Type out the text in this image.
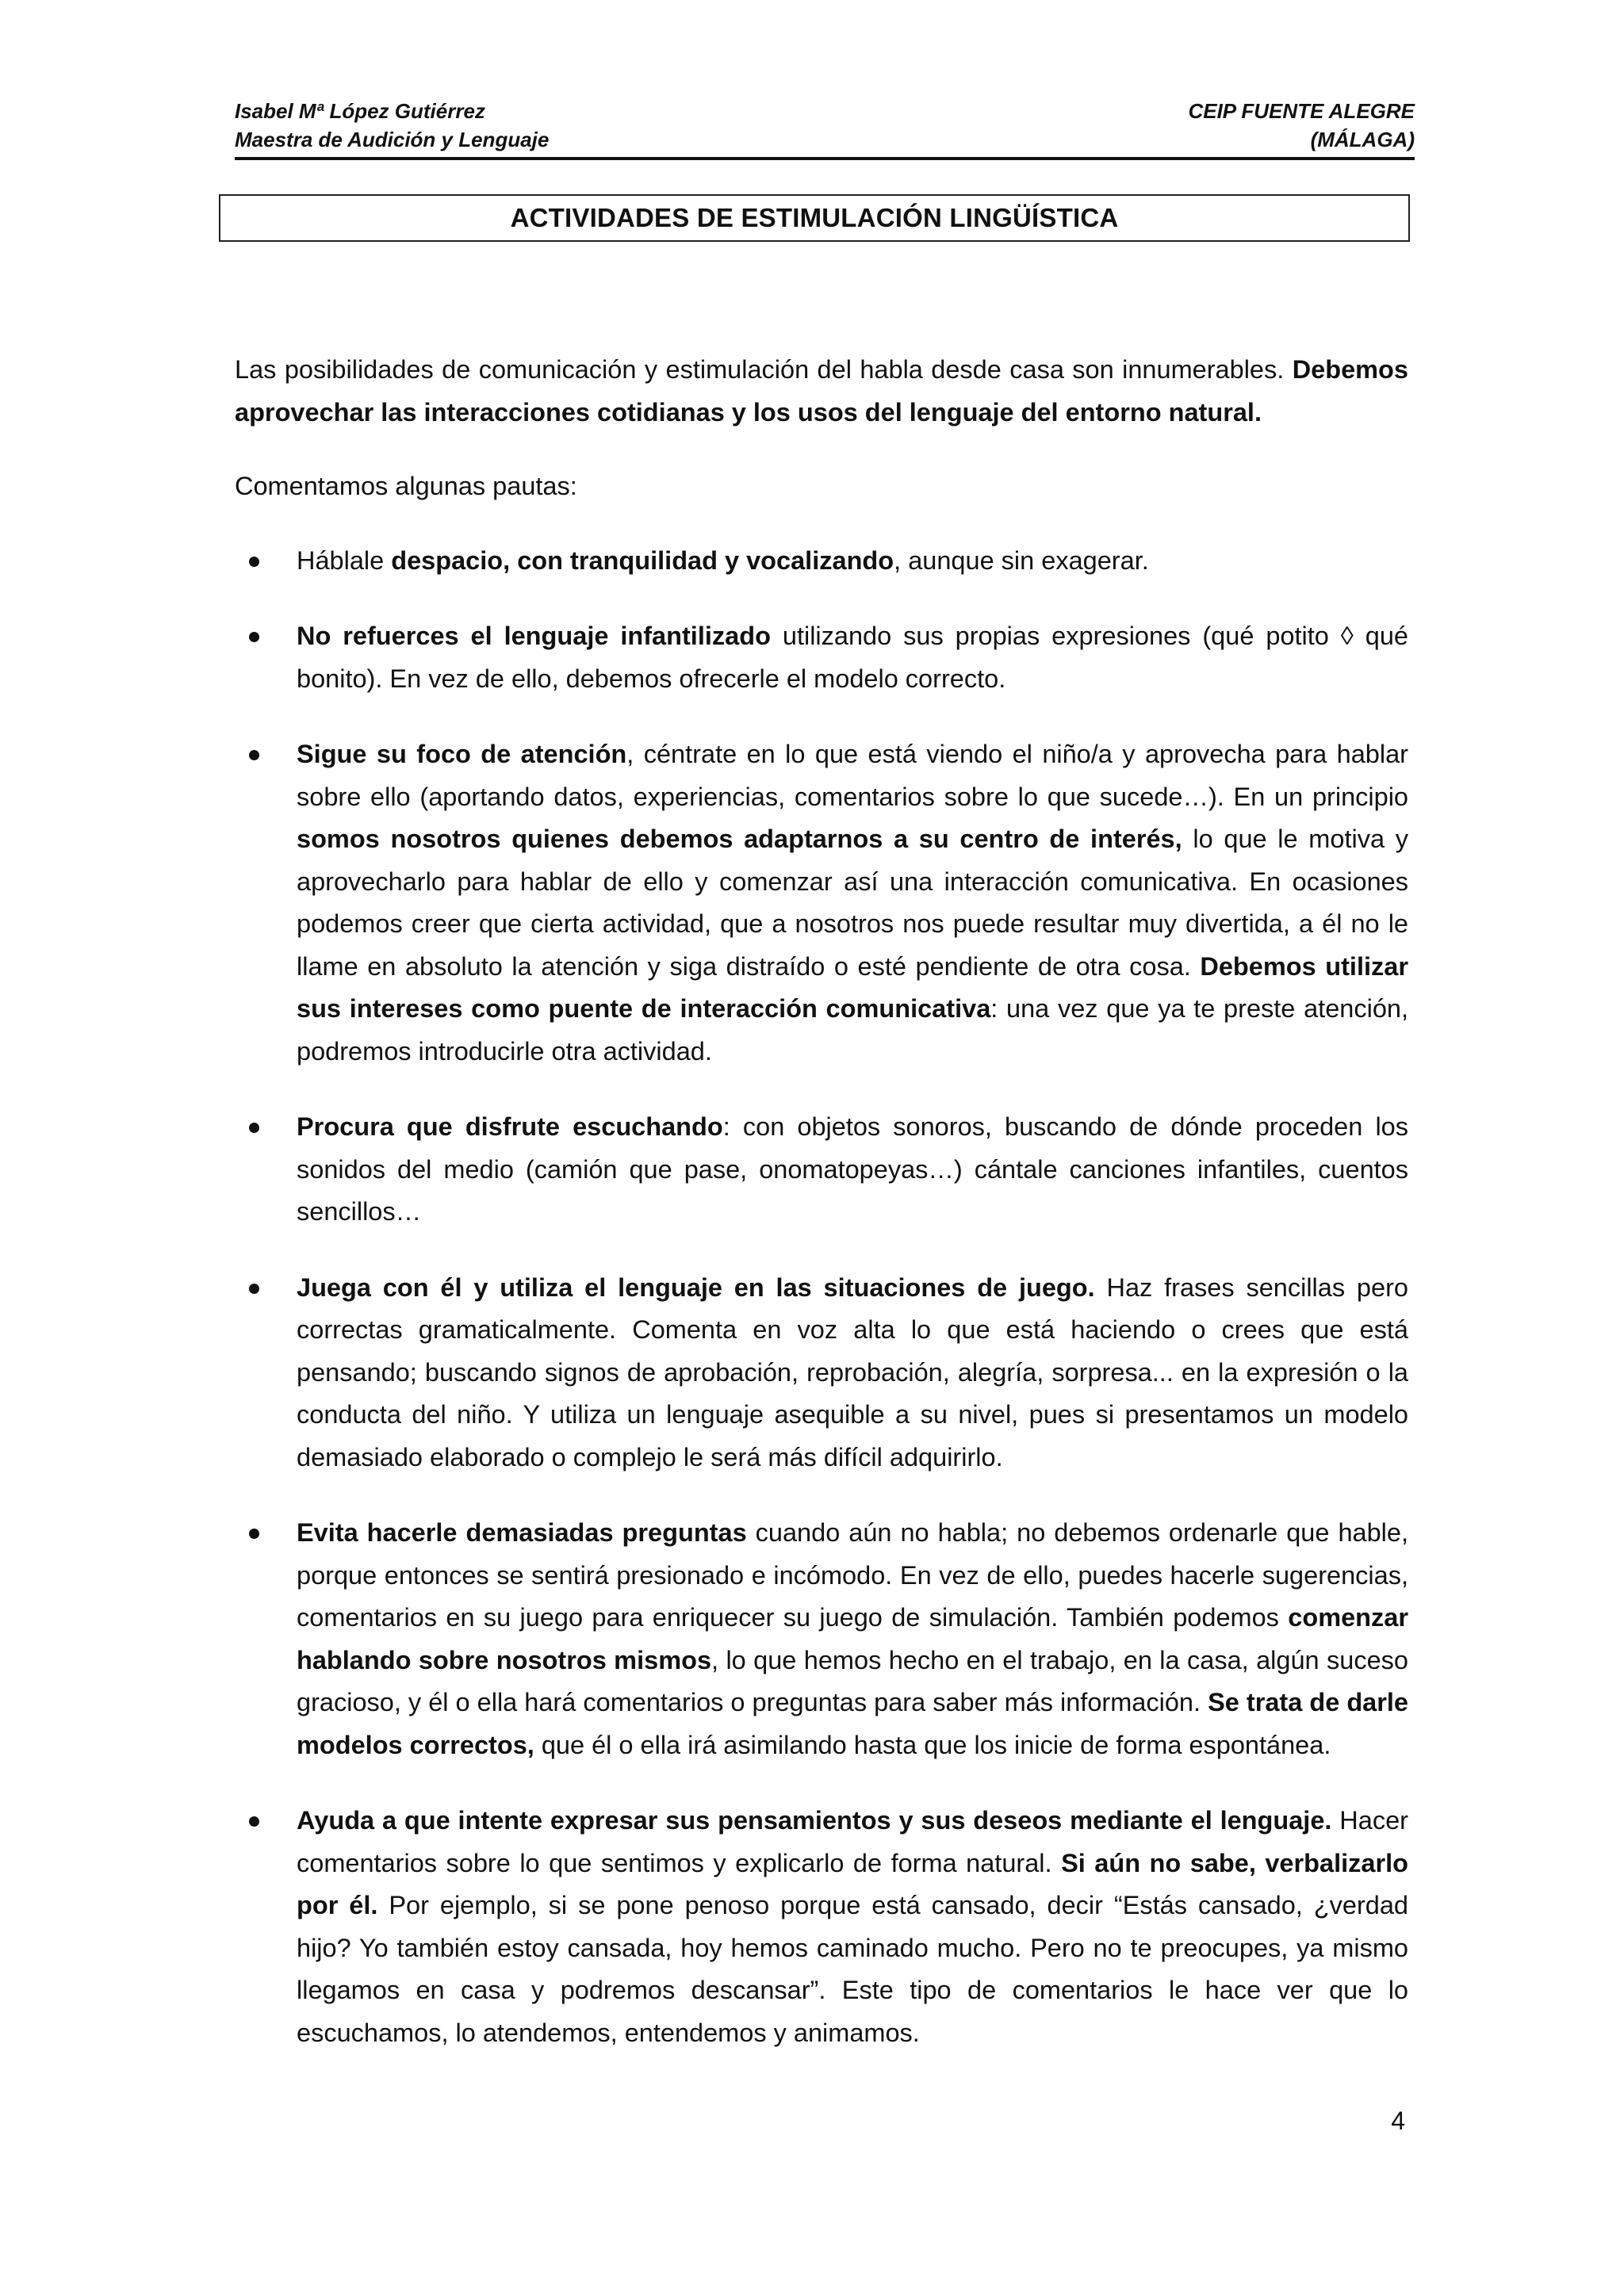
Isabel Mª López Gutiérrez
Maestra de Audición y Lenguaje
CEIP FUENTE ALEGRE
(MÁLAGA)
ACTIVIDADES DE ESTIMULACIÓN LINGÜÍSTICA

Las posibilidades de comunicación y estimulación del habla desde casa son innumerables. Debemos aprovechar las interacciones cotidianas y los usos del lenguaje del entorno natural.

Comentamos algunas pautas:

Háblale despacio, con tranquilidad y vocalizando, aunque sin exagerar.
No refuerces el lenguaje infantilizado utilizando sus propias expresiones (qué potito ◊ qué bonito). En vez de ello, debemos ofrecerle el modelo correcto.
Sigue su foco de atención, céntrate en lo que está viendo el niño/a y aprovecha para hablar sobre ello (aportando datos, experiencias, comentarios sobre lo que sucede…). En un principio somos nosotros quienes debemos adaptarnos a su centro de interés, lo que le motiva y aprovecharlo para hablar de ello y comenzar así una interacción comunicativa. En ocasiones podemos creer que cierta actividad, que a nosotros nos puede resultar muy divertida, a él no le llame en absoluto la atención y siga distraído o esté pendiente de otra cosa. Debemos utilizar sus intereses como puente de interacción comunicativa: una vez que ya te preste atención, podremos introducirle otra actividad.
Procura que disfrute escuchando: con objetos sonoros, buscando de dónde proceden los sonidos del medio (camión que pase, onomatopeyas…) cántale canciones infantiles, cuentos sencillos…
Juega con él y utiliza el lenguaje en las situaciones de juego. Haz frases sencillas pero correctas gramaticalmente. Comenta en voz alta lo que está haciendo o crees que está pensando; buscando signos de aprobación, reprobación, alegría, sorpresa... en la expresión o la conducta del niño. Y utiliza un lenguaje asequible a su nivel, pues si presentamos un modelo demasiado elaborado o complejo le será más difícil adquirirlo.
Evita hacerle demasiadas preguntas cuando aún no habla; no debemos ordenarle que hable, porque entonces se sentirá presionado e incómodo. En vez de ello, puedes hacerle sugerencias, comentarios en su juego para enriquecer su juego de simulación. También podemos comenzar hablando sobre nosotros mismos, lo que hemos hecho en el trabajo, en la casa, algún suceso gracioso, y él o ella hará comentarios o preguntas para saber más información. Se trata de darle modelos correctos, que él o ella irá asimilando hasta que los inicie de forma espontánea.
Ayuda a que intente expresar sus pensamientos y sus deseos mediante el lenguaje. Hacer comentarios sobre lo que sentimos y explicarlo de forma natural. Si aún no sabe, verbalizarlo por él. Por ejemplo, si se pone penoso porque está cansado, decir “Estás cansado, ¿verdad hijo? Yo también estoy cansada, hoy hemos caminado mucho. Pero no te preocupes, ya mismo llegamos en casa y podremos descansar”. Este tipo de comentarios le hace ver que lo escuchamos, lo atendemos, entendemos y animamos.
4
